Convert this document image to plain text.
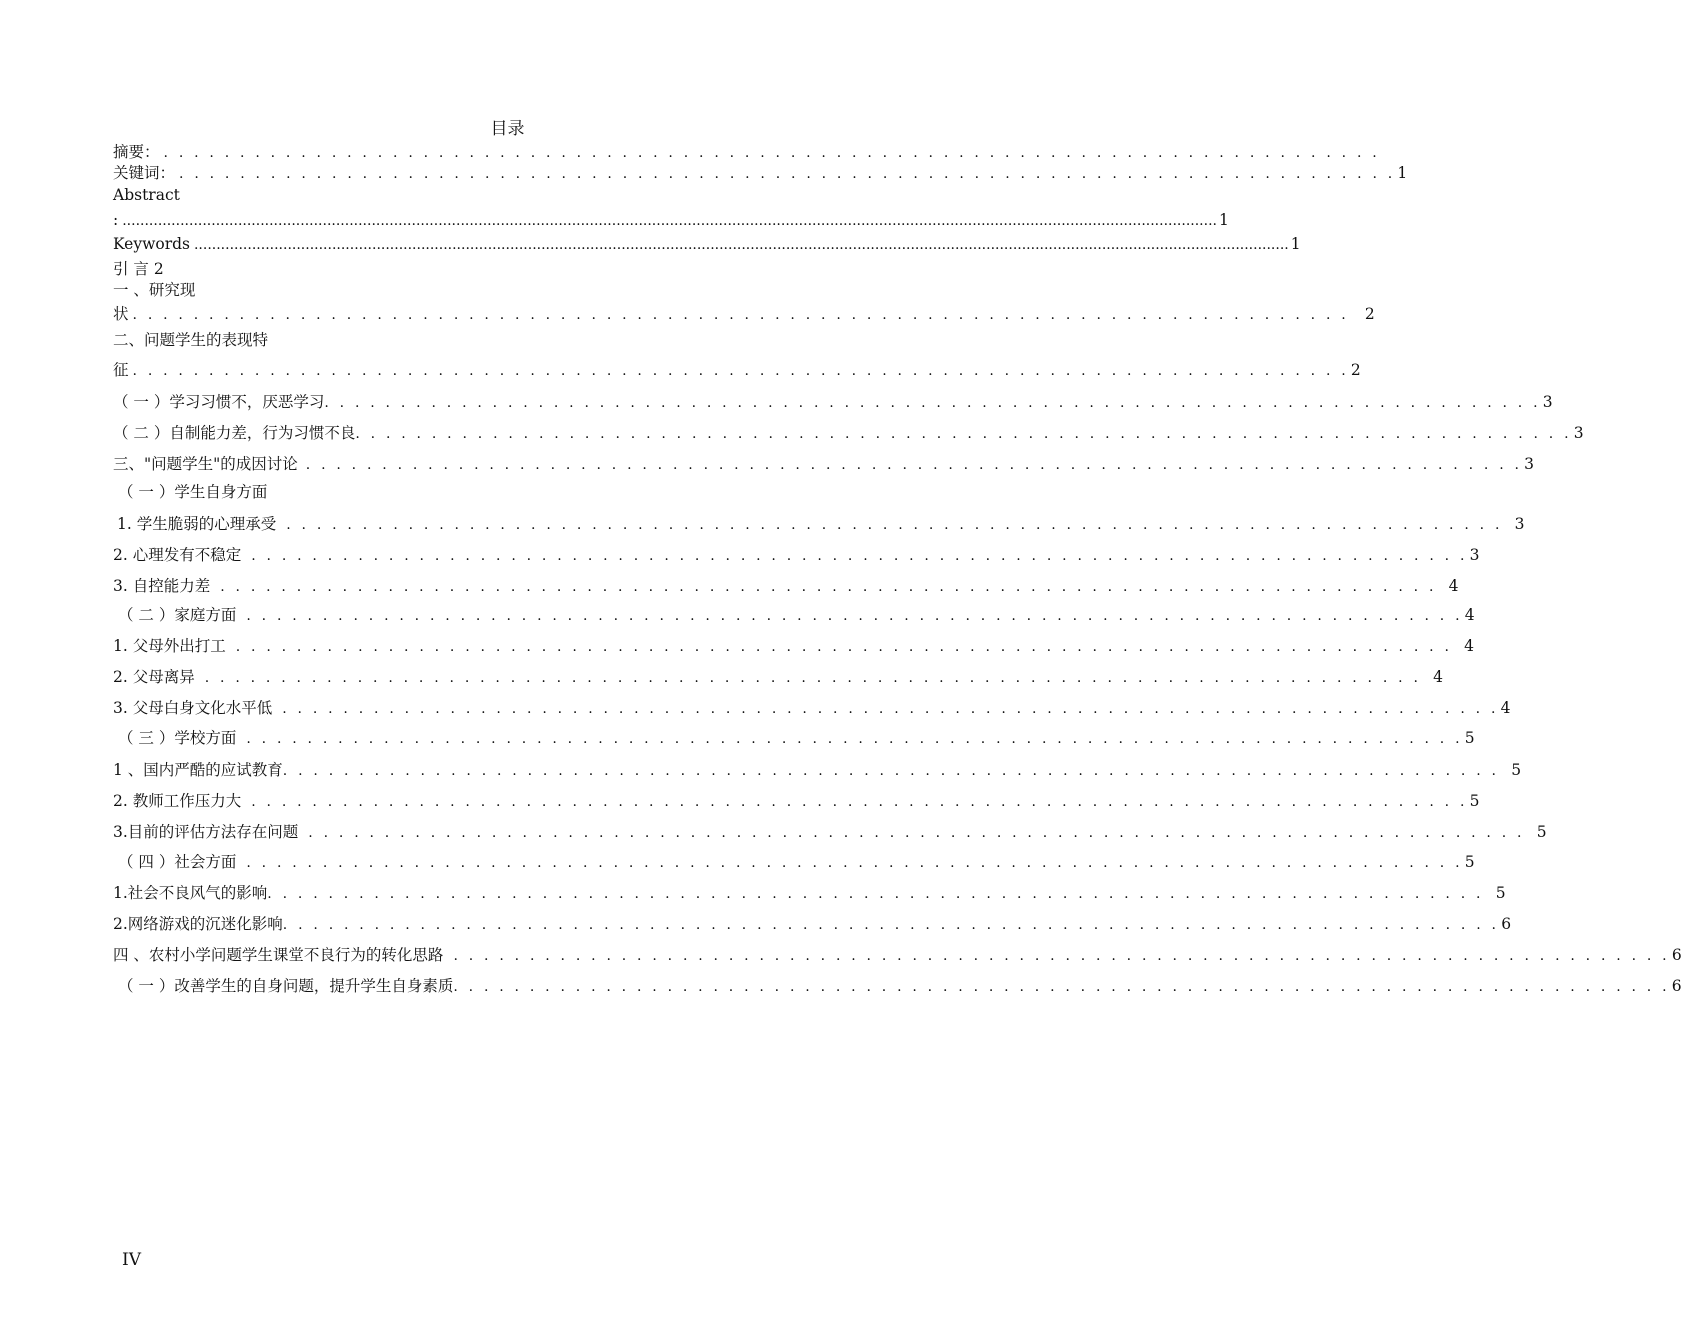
目录
摘要： . . . . . . . . . . . . . . . . . . . . . . . . . . . . . . . . . . . . . . . . . . . . . . . . . . . . . . . . . . . . . . . . . . . . . . . . . . . . . . . .
关键词： . . . . . . . . . . . . . . . . . . . . . . . . . . . . . . . . . . . . . . . . . . . . . . . . . . . . . . . . . . . . . . . . . . . . . . . . . . . . . . . . 1
Abstract
: ...................................................................................................................................................................................................................................................... 1
Keywords ...................................................................................................................................................................................................................................................... 1
引 言 2
一 、研究现
状 . . . . . . . . . . . . . . . . . . . . . . . . . . . . . . . . . . . . . . . . . . . . . . . . . . . . . . . . . . . . . . . . . . . . . . . . . . . . . . . .	2
二、问题学生的表现特
征 . . . . . . . . . . . . . . . . . . . . . . . . . . . . . . . . . . . . . . . . . . . . . . . . . . . . . . . . . . . . . . . . . . . . . . . . . . . . . . . . 2
（ 一 ）学习习惯不，厌恶学习 . . . . . . . . . . . . . . . . . . . . . . . . . . . . . . . . . . . . . . . . . . . . . . . . . . . . . . . . . . . . . . . . . . . . . . . . . . . . . . . . 3
（ 二 ）自制能力差，行为习惯不良 . . . . . . . . . . . . . . . . . . . . . . . . . . . . . . . . . . . . . . . . . . . . . . . . . . . . . . . . . . . . . . . . . . . . . . . . . . . . . . . . 3
三、"问题学生"的成因讨论 . . . . . . . . . . . . . . . . . . . . . . . . . . . . . . . . . . . . . . . . . . . . . . . . . . . . . . . . . . . . . . . . . . . . . . . . . . . . . . . . 3
（ 一 ）学生自身方面
1. 学生脆弱的心理承受 . . . . . . . . . . . . . . . . . . . . . . . . . . . . . . . . . . . . . . . . . . . . . . . . . . . . . . . . . . . . . . . . . . . . . . . . . . . . . . . . 3
2. 心理发有不稳定 . . . . . . . . . . . . . . . . . . . . . . . . . . . . . . . . . . . . . . . . . . . . . . . . . . . . . . . . . . . . . . . . . . . . . . . . . . . . . . . . 3
3. 自控能力差 . . . . . . . . . . . . . . . . . . . . . . . . . . . . . . . . . . . . . . . . . . . . . . . . . . . . . . . . . . . . . . . . . . . . . . . . . . . . . . . . 4
（ 二 ）家庭方面 . . . . . . . . . . . . . . . . . . . . . . . . . . . . . . . . . . . . . . . . . . . . . . . . . . . . . . . . . . . . . . . . . . . . . . . . . . . . . . . . 4
1. 父母外出打工 . . . . . . . . . . . . . . . . . . . . . . . . . . . . . . . . . . . . . . . . . . . . . . . . . . . . . . . . . . . . . . . . . . . . . . . . . . . . . . . . 4
2. 父母离异 . . . . . . . . . . . . . . . . . . . . . . . . . . . . . . . . . . . . . . . . . . . . . . . . . . . . . . . . . . . . . . . . . . . . . . . . . . . . . . . . 4
3. 父母白身文化水平低 . . . . . . . . . . . . . . . . . . . . . . . . . . . . . . . . . . . . . . . . . . . . . . . . . . . . . . . . . . . . . . . . . . . . . . . . . . . . . . . . 4
（ 三 ）学校方面 . . . . . . . . . . . . . . . . . . . . . . . . . . . . . . . . . . . . . . . . . . . . . . . . . . . . . . . . . . . . . . . . . . . . . . . . . . . . . . . . 5
1 、国内严酷的应试教育 . . . . . . . . . . . . . . . . . . . . . . . . . . . . . . . . . . . . . . . . . . . . . . . . . . . . . . . . . . . . . . . . . . . . . . . . . . . . . . . . 5
2. 教师工作压力大 . . . . . . . . . . . . . . . . . . . . . . . . . . . . . . . . . . . . . . . . . . . . . . . . . . . . . . . . . . . . . . . . . . . . . . . . . . . . . . . . 5
3.目前的评估方法存在问题 . . . . . . . . . . . . . . . . . . . . . . . . . . . . . . . . . . . . . . . . . . . . . . . . . . . . . . . . . . . . . . . . . . . . . . . . . . . . . . . . 5
（ 四 ）社会方面 . . . . . . . . . . . . . . . . . . . . . . . . . . . . . . . . . . . . . . . . . . . . . . . . . . . . . . . . . . . . . . . . . . . . . . . . . . . . . . . . 5
1.社会不良风气的影响 . . . . . . . . . . . . . . . . . . . . . . . . . . . . . . . . . . . . . . . . . . . . . . . . . . . . . . . . . . . . . . . . . . . . . . . . . . . . . . . . 5
2.网络游戏的沉迷化影响 . . . . . . . . . . . . . . . . . . . . . . . . . . . . . . . . . . . . . . . . . . . . . . . . . . . . . . . . . . . . . . . . . . . . . . . . . . . . . . . . 6
四 、农村小学问题学生课堂不良行为的转化思路 . . . . . . . . . . . . . . . . . . . . . . . . . . . . . . . . . . . . . . . . . . . . . . . . . . . . . . . . . . . . . . . . . . . . . . . . . . . . . . . . 6
（ 一 ）改善学生的自身问题，提升学生自身素质 . . . . . . . . . . . . . . . . . . . . . . . . . . . . . . . . . . . . . . . . . . . . . . . . . . . . . . . . . . . . . . . . . . . . . . . . . . . . . . . . 6
IV
